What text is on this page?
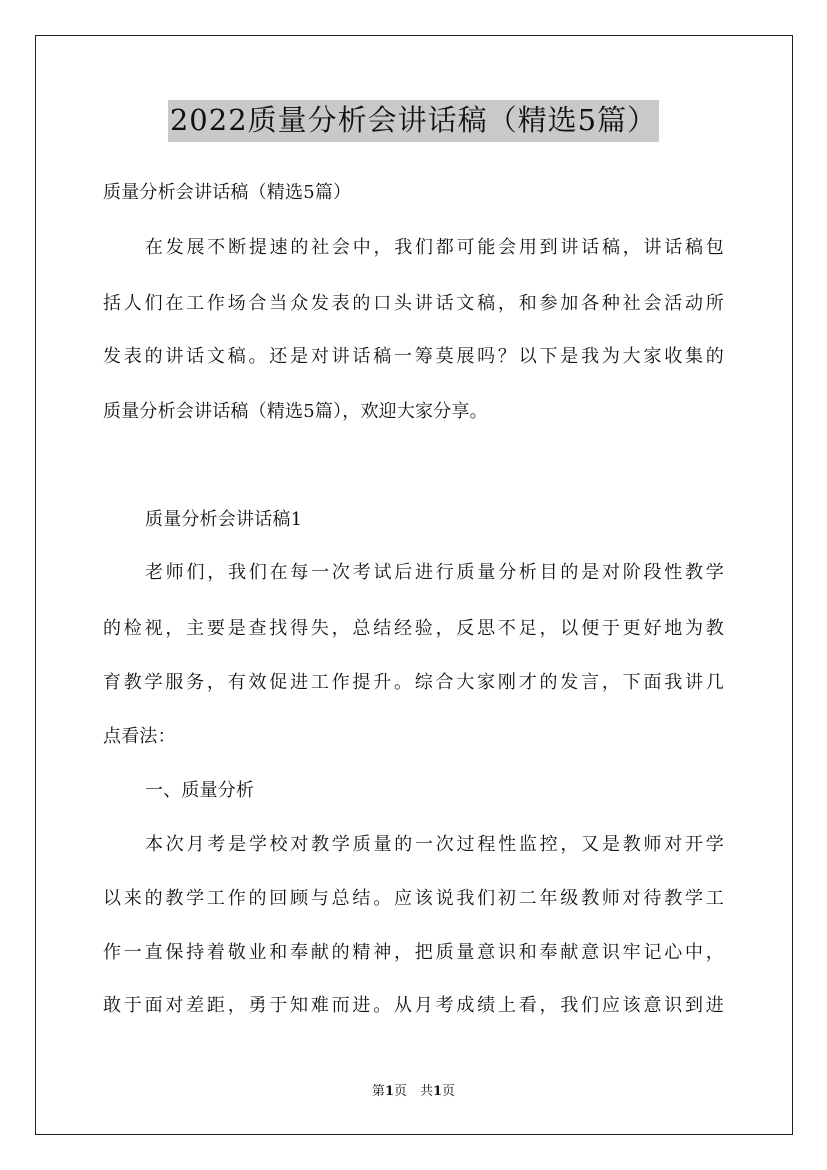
2022质量分析会讲话稿（精选5篇）
质量分析会讲话稿（精选5篇）
在发展不断提速的社会中，我们都可能会用到讲话稿，讲话稿包
括人们在工作场合当众发表的口头讲话文稿，和参加各种社会活动所
发表的讲话文稿。还是对讲话稿一筹莫展吗？以下是我为大家收集的
质量分析会讲话稿（精选5篇），欢迎大家分享。
质量分析会讲话稿1
老师们，我们在每一次考试后进行质量分析目的是对阶段性教学
的检视，主要是查找得失，总结经验，反思不足，以便于更好地为教
育教学服务，有效促进工作提升。综合大家刚才的发言，下面我讲几
点看法：
一、质量分析
本次月考是学校对教学质量的一次过程性监控，又是教师对开学
以来的教学工作的回顾与总结。应该说我们初二年级教师对待教学工
作一直保持着敬业和奉献的精神，把质量意识和奉献意识牢记心中，
敢于面对差距，勇于知难而进。从月考成绩上看，我们应该意识到进
第1页　共1页
